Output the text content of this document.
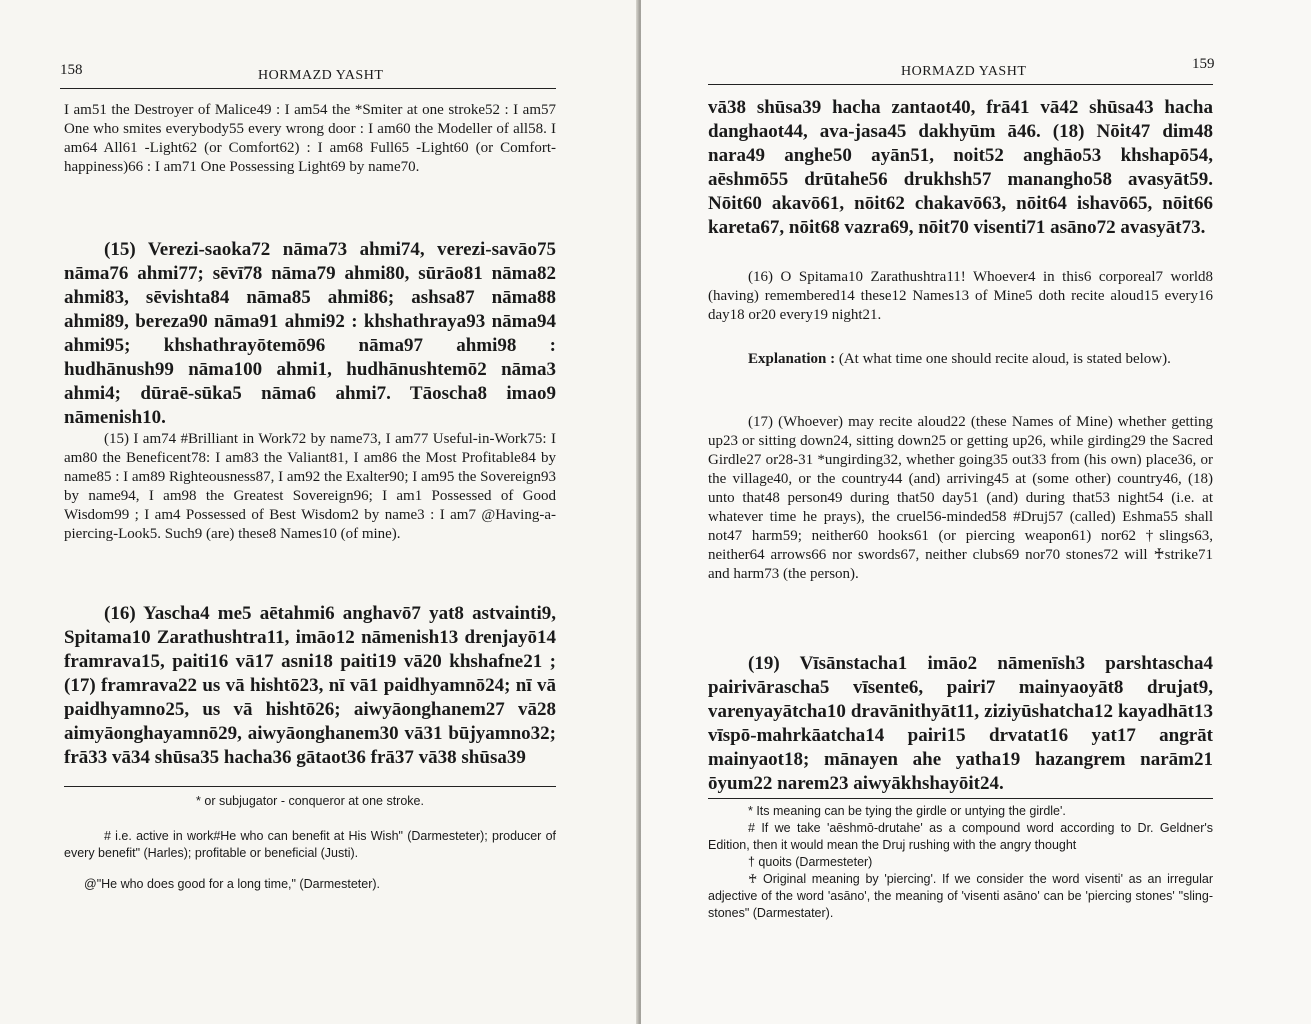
158	HORMAZD YASHT

I am51 the Destroyer of Malice49 : I am54 the *Smiter at one stroke52 : I am57 One who smites everybody55 every wrong door : I am60 the Modeller of all58. I am64 All61 -Light62 (or Comfort62) : I am68 Full65 -Light60 (or Comfort-happiness)66 : I am71 One Possessing Light69 by name70.

(15) Verezi-saoka72 nāma73 ahmi74, verezi-savāo75 nāma76 ahmi77; sēvī78 nāma79 ahmi80, sūrāo81 nāma82 ahmi83, sēvishta84 nāma85 ahmi86; ashsa87 nāma88 ahmi89, bereza90 nāma91 ahmi92 : khshathraya93 nāma94 ahmi95; khshathrayōtemō96 nāma97 ahmi98 : hudhānush99 nāma100 ahmi1, hudhānushtemō2 nāma3 ahmi4; dūraē-sūka5 nāma6 ahmi7. Tāoscha8 imao9 nāmenish10.

(15) I am74 #Brilliant in Work72 by name73, I am77 Useful-in-Work75: I am80 the Beneficent78: I am83 the Valiant81, I am86 the Most Profitable84 by name85 : I am89 Righteousness87, I am92 the Exalter90; I am95 the Sovereign93 by name94, I am98 the Greatest Sovereign96; I am1 Possessed of Good Wisdom99 ; I am4 Possessed of Best Wisdom2 by name3 : I am7 @Having-a-piercing-Look5. Such9 (are) these8 Names10 (of mine).

(16) Yascha4 me5 aētahmi6 anghavō7 yat8 astvainti9, Spitama10 Zarathushtra11, imāo12 nāmenish13 drenjayō14 framrava15, paiti16 vā17 asni18 paiti19 vā20 khshafne21 ; (17) framrava22 us vā hishtō23, nī vā1 paidhyamnō24; nī vā paidhyamno25, us vā hishtō26; aiwyāonghanem27 vā28 aimyāonghayamnō29, aiwyāonghanem30 vā31 būjyamno32; frā33 vā34 shūsa35 hacha36 gātaot36 frā37 vā38 shūsa39

* or subjugator - conqueror at one stroke.

# i.e. active in work#He who can benefit at His Wish" (Darmesteter); producer of every benefit" (Harles); profitable or beneficial (Justi).

@"He who does good for a long time," (Darmesteter).

HORMAZD YASHT	159

vā38 shūsa39 hacha zantaot40, frā41 vā42 shūsa43 hacha danghaot44, ava-jasa45 dakhyūm ā46. (18) Nōit47 dim48 nara49 anghe50 ayān51, noit52 anghāo53 khshapō54, aēshmō55 drūtahe56 drukhsh57 manangho58 avasyāt59. Nōit60 akavō61, nōit62 chakavō63, nōit64 ishavō65, nōit66 kareta67, nōit68 vazra69, nōit70 visenti71 asāno72 avasyāt73.

(16) O Spitama10 Zarathushtra11! Whoever4 in this6 corporeal7 world8 (having) remembered14 these12 Names13 of Mine5 doth recite aloud15 every16 day18 or20 every19 night21.

Explanation : (At what time one should recite aloud, is stated below).

(17) (Whoever) may recite aloud22 (these Names of Mine) whether getting up23 or sitting down24, sitting down25 or getting up26, while girding29 the Sacred Girdle27 or28-31 *ungirding32, whether going35 out33 from (his own) place36, or the village40, or the country44 (and) arriving45 at (some other) country46, (18) unto that48 person49 during that50 day51 (and) during that53 night54 (i.e. at whatever time he prays), the cruel56-minded58 #Druj57 (called) Eshma55 shall not47 harm59; neither60 hooks61 (or piercing weapon61) nor62 †slings63, neither64 arrows66 nor swords67, neither clubs69 nor70 stones72 will ♰strike71 and harm73 (the person).

(19) Vīsānstacha1 imāo2 nāmenīsh3 parshtascha4 pairivārascha5 vīsente6, pairi7 mainyaoyāt8 drujat9, varenyayātcha10 dravānithyāt11, ziziyūshatcha12 kayadhāt13 vīspō-mahrkāatcha14 pairi15 drvatat16 yat17 angrāt mainyaot18; mānayen ahe yatha19 hazangrem narām21 ōyum22 narem23 aiwyākhshayōit24.

* Its meaning can be tying the girdle or untying the girdle'.

# If we take 'aēshmō-drutahe' as a compound word according to Dr. Geldner's Edition, then it would mean the Druj rushing with the angry thought

† quoits (Darmesteter)

♰ Original meaning by 'piercing'. If we consider the word visenti' as an irregular adjective of the word 'asāno', the meaning of 'visenti asāno' can be 'piercing stones' "sling-stones" (Darmestater).
